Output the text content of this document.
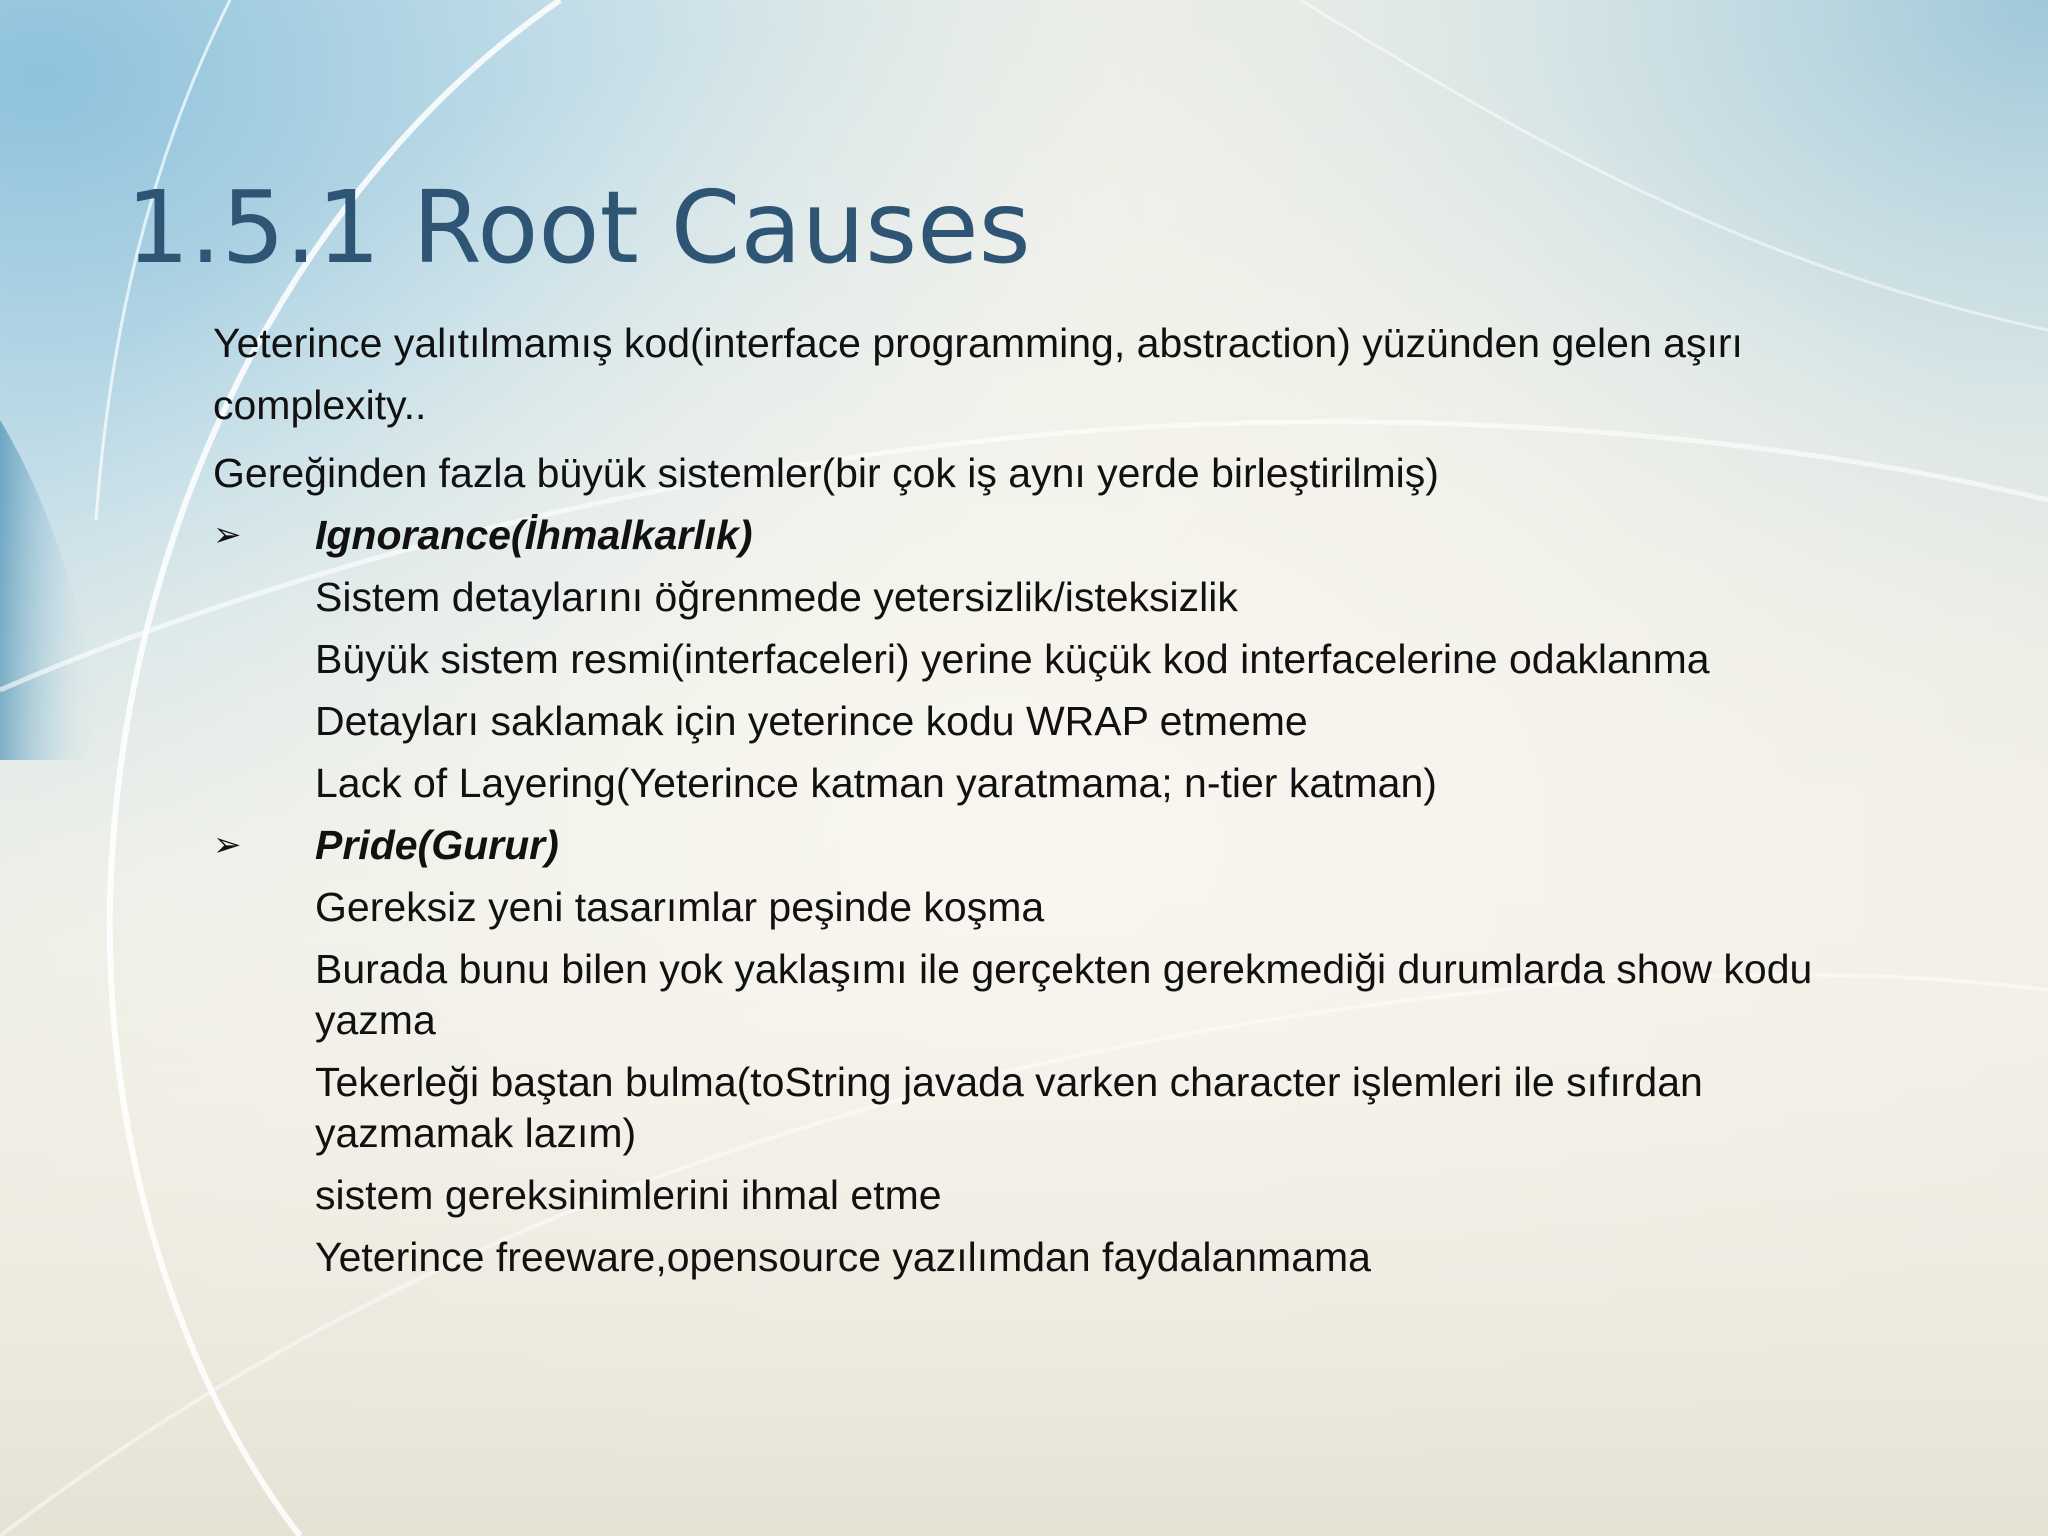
1.5.1 Root Causes
Yeterince yalıtılmamış kod(interface programming, abstraction) yüzünden gelen aşırı complexity..
Gereğinden fazla büyük sistemler(bir çok iş aynı yerde birleştirilmiş)
➢ Ignorance(İhmalkarlık)
Sistem detaylarını öğrenmede yetersizlik/isteksizlik
Büyük sistem resmi(interfaceleri) yerine küçük kod interfacelerine odaklanma
Detayları saklamak için yeterince kodu WRAP etmeme
Lack of Layering(Yeterince katman yaratmama; n-tier katman)
➢ Pride(Gurur)
Gereksiz yeni tasarımlar peşinde koşma
Burada bunu bilen yok yaklaşımı ile gerçekten gerekmediği durumlarda show kodu yazma
Tekerleği baştan bulma(toString javada varken character işlemleri ile sıfırdan yazmamak lazım)
sistem gereksinimlerini ihmal etme
Yeterince freeware,opensource yazılımdan faydalanmama
